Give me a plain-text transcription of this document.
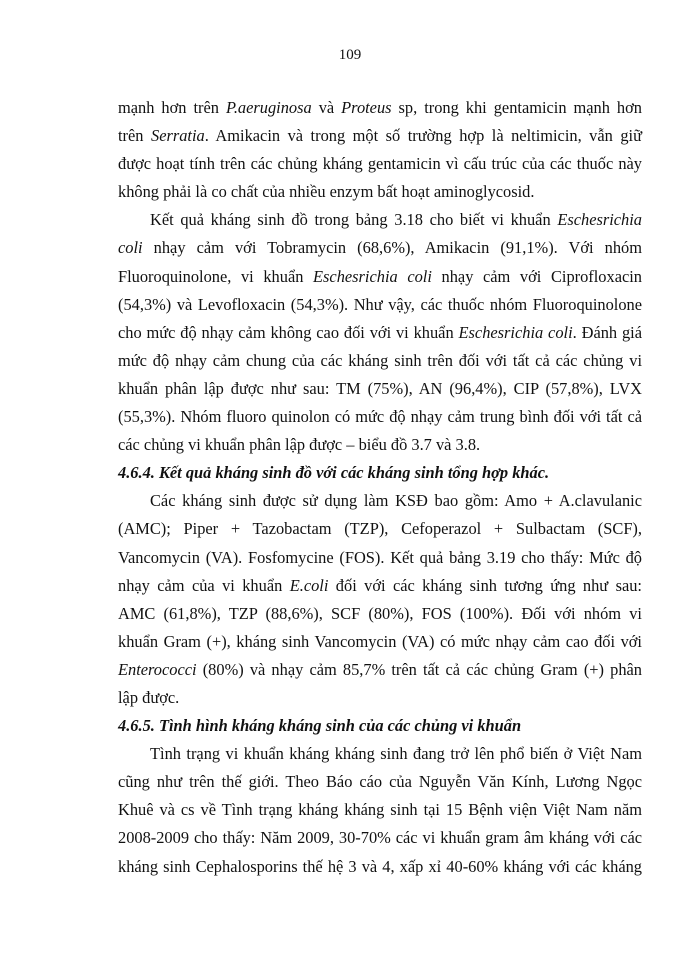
109

mạnh hơn trên P.aeruginosa và Proteus sp, trong khi gentamicin mạnh hơn
trên Serratia. Amikacin và trong một số trường hợp là neltimicin, vẫn giữ
được hoạt tính trên các chủng kháng gentamicin vì cấu trúc của các thuốc này
không phải là co chất của nhiều enzym bất hoạt aminoglycosid.

Kết quả kháng sinh đồ trong bảng 3.18 cho biết vi khuẩn Eschesrichia
coli nhạy cảm với Tobramycin (68,6%), Amikacin (91,1%). Với nhóm
Fluoroquinolone, vi khuẩn Eschesrichia coli nhạy cảm với Ciprofloxacin
(54,3%) và Levofloxacin (54,3%). Như vậy, các thuốc nhóm Fluoroquinolone
cho mức độ nhạy cảm không cao đối với vi khuẩn Eschesrichia coli. Đánh giá
mức độ nhạy cảm chung của các kháng sinh trên đối với tất cả các chủng vi
khuẩn phân lập được như sau: TM (75%), AN (96,4%), CIP (57,8%), LVX
(55,3%). Nhóm fluoro quinolon có mức độ nhạy cảm trung bình đối với tất cả
các chủng vi khuẩn phân lập được – biểu đồ 3.7 và 3.8.

4.6.4. Kết quả kháng sinh đồ với các kháng sinh tổng hợp khác.

Các kháng sinh được sử dụng làm KSĐ bao gồm: Amo + A.clavulanic
(AMC); Piper + Tazobactam (TZP), Cefoperazol + Sulbactam (SCF),
Vancomycin (VA). Fosfomycine (FOS). Kết quả bảng 3.19 cho thấy: Mức độ
nhạy cảm của vi khuẩn E.coli đối với các kháng sinh tương ứng như sau:
AMC (61,8%), TZP (88,6%), SCF (80%), FOS (100%). Đối với nhóm vi
khuẩn Gram (+), kháng sinh Vancomycin (VA) có mức nhạy cảm cao đối với
Enterococci (80%) và nhạy cảm 85,7% trên tất cả các chủng Gram (+) phân
lập được.

4.6.5. Tình hình kháng kháng sinh của các chủng vi khuẩn

Tình trạng vi khuẩn kháng kháng sinh đang trở lên phổ biến ở Việt Nam
cũng như trên thế giới. Theo Báo cáo của Nguyễn Văn Kính, Lương Ngọc
Khuê và cs về Tình trạng kháng kháng sinh tại 15 Bệnh viện Việt Nam năm
2008-2009 cho thấy: Năm 2009, 30-70% các vi khuẩn gram âm kháng với các
kháng sinh Cephalosporins thế hệ 3 và 4, xấp xỉ 40-60% kháng với các kháng
